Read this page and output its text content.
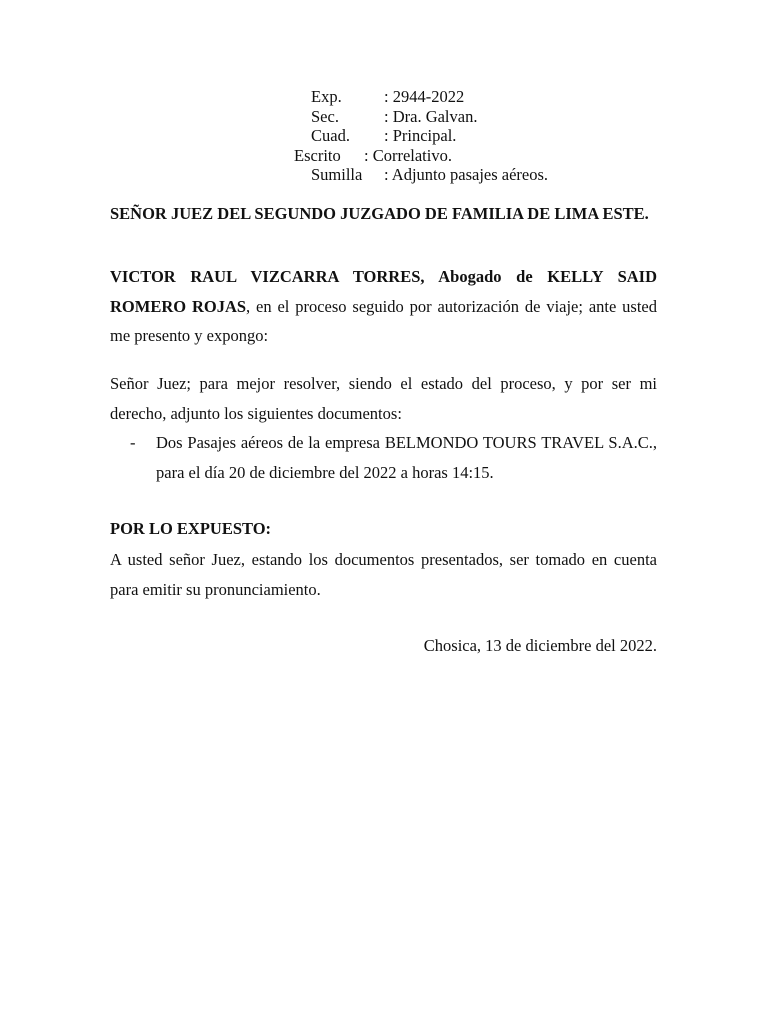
Exp.	: 2944-2022
Sec.	: Dra. Galvan.
Cuad. : Principal.
Escrito : Correlativo.
Sumilla : Adjunto pasajes aéreos.
SEÑOR JUEZ DEL SEGUNDO JUZGADO DE FAMILIA DE LIMA ESTE.
VICTOR RAUL VIZCARRA TORRES, Abogado de KELLY SAID ROMERO ROJAS, en el proceso seguido por autorización de viaje; ante usted me presento y expongo:
Señor Juez; para mejor resolver, siendo el estado del proceso, y por ser mi derecho, adjunto los siguientes documentos:
- Dos Pasajes aéreos de la empresa BELMONDO TOURS TRAVEL S.A.C., para el día 20 de diciembre del 2022 a horas 14:15.
POR LO EXPUESTO:
A usted señor Juez, estando los documentos presentados, ser tomado en cuenta para emitir su pronunciamiento.
Chosica, 13 de diciembre del 2022.
